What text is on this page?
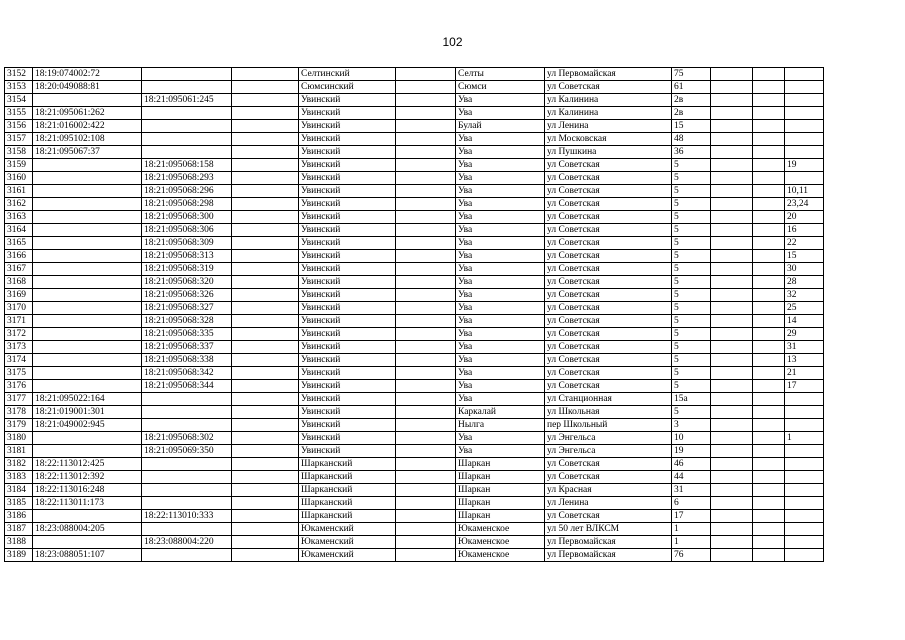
102
3152	18:19:074002:72			Селтинский		Селты	ул Первомайская	75			
3153	18:20:049088:81			Сюмсинский		Сюмси	ул Советская	61			
3154		18:21:095061:245		Увинский		Ува	ул Калинина	2в			
3155	18:21:095061:262			Увинский		Ува	ул Калинина	2в			
3156	18:21:016002:422			Увинский		Булай	ул Ленина	15			
3157	18:21:095102:108			Увинский		Ува	ул Московская	48			
3158	18:21:095067:37			Увинский		Ува	ул Пушкина	36			
3159		18:21:095068:158		Увинский		Ува	ул Советская	5			19
3160		18:21:095068:293		Увинский		Ува	ул Советская	5			
3161		18:21:095068:296		Увинский		Ува	ул Советская	5			10,11
3162		18:21:095068:298		Увинский		Ува	ул Советская	5			23,24
3163		18:21:095068:300		Увинский		Ува	ул Советская	5			20
3164		18:21:095068:306		Увинский		Ува	ул Советская	5			16
3165		18:21:095068:309		Увинский		Ува	ул Советская	5			22
3166		18:21:095068:313		Увинский		Ува	ул Советская	5			15
3167		18:21:095068:319		Увинский		Ува	ул Советская	5			30
3168		18:21:095068:320		Увинский		Ува	ул Советская	5			28
3169		18:21:095068:326		Увинский		Ува	ул Советская	5			32
3170		18:21:095068:327		Увинский		Ува	ул Советская	5			25
3171		18:21:095068:328		Увинский		Ува	ул Советская	5			14
3172		18:21:095068:335		Увинский		Ува	ул Советская	5			29
3173		18:21:095068:337		Увинский		Ува	ул Советская	5			31
3174		18:21:095068:338		Увинский		Ува	ул Советская	5			13
3175		18:21:095068:342		Увинский		Ува	ул Советская	5			21
3176		18:21:095068:344		Увинский		Ува	ул Советская	5			17
3177	18:21:095022:164			Увинский		Ува	ул Станционная	15а			
3178	18:21:019001:301			Увинский		Каркалай	ул Школьная	5			
3179	18:21:049002:945			Увинский		Нылга	пер Школьный	3			
3180		18:21:095068:302		Увинский		Ува	ул Энгельса	10			1
3181		18:21:095069:350		Увинский		Ува	ул Энгельса	19			
3182	18:22:113012:425			Шарканский		Шаркан	ул Советская	46			
3183	18:22:113012:392			Шарканский		Шаркан	ул Советская	44			
3184	18:22:113016:248			Шарканский		Шаркан	ул Красная	31			
3185	18:22:113011:173			Шарканский		Шаркан	ул Ленина	6			
3186		18:22:113010:333		Шарканский		Шаркан	ул Советская	17			
3187	18:23:088004:205			Юкаменский		Юкаменское	ул 50 лет ВЛКСМ	1			
3188		18:23:088004:220		Юкаменский		Юкаменское	ул Первомайская	1			
3189	18:23:088051:107			Юкаменский		Юкаменское	ул Первомайская	76			
